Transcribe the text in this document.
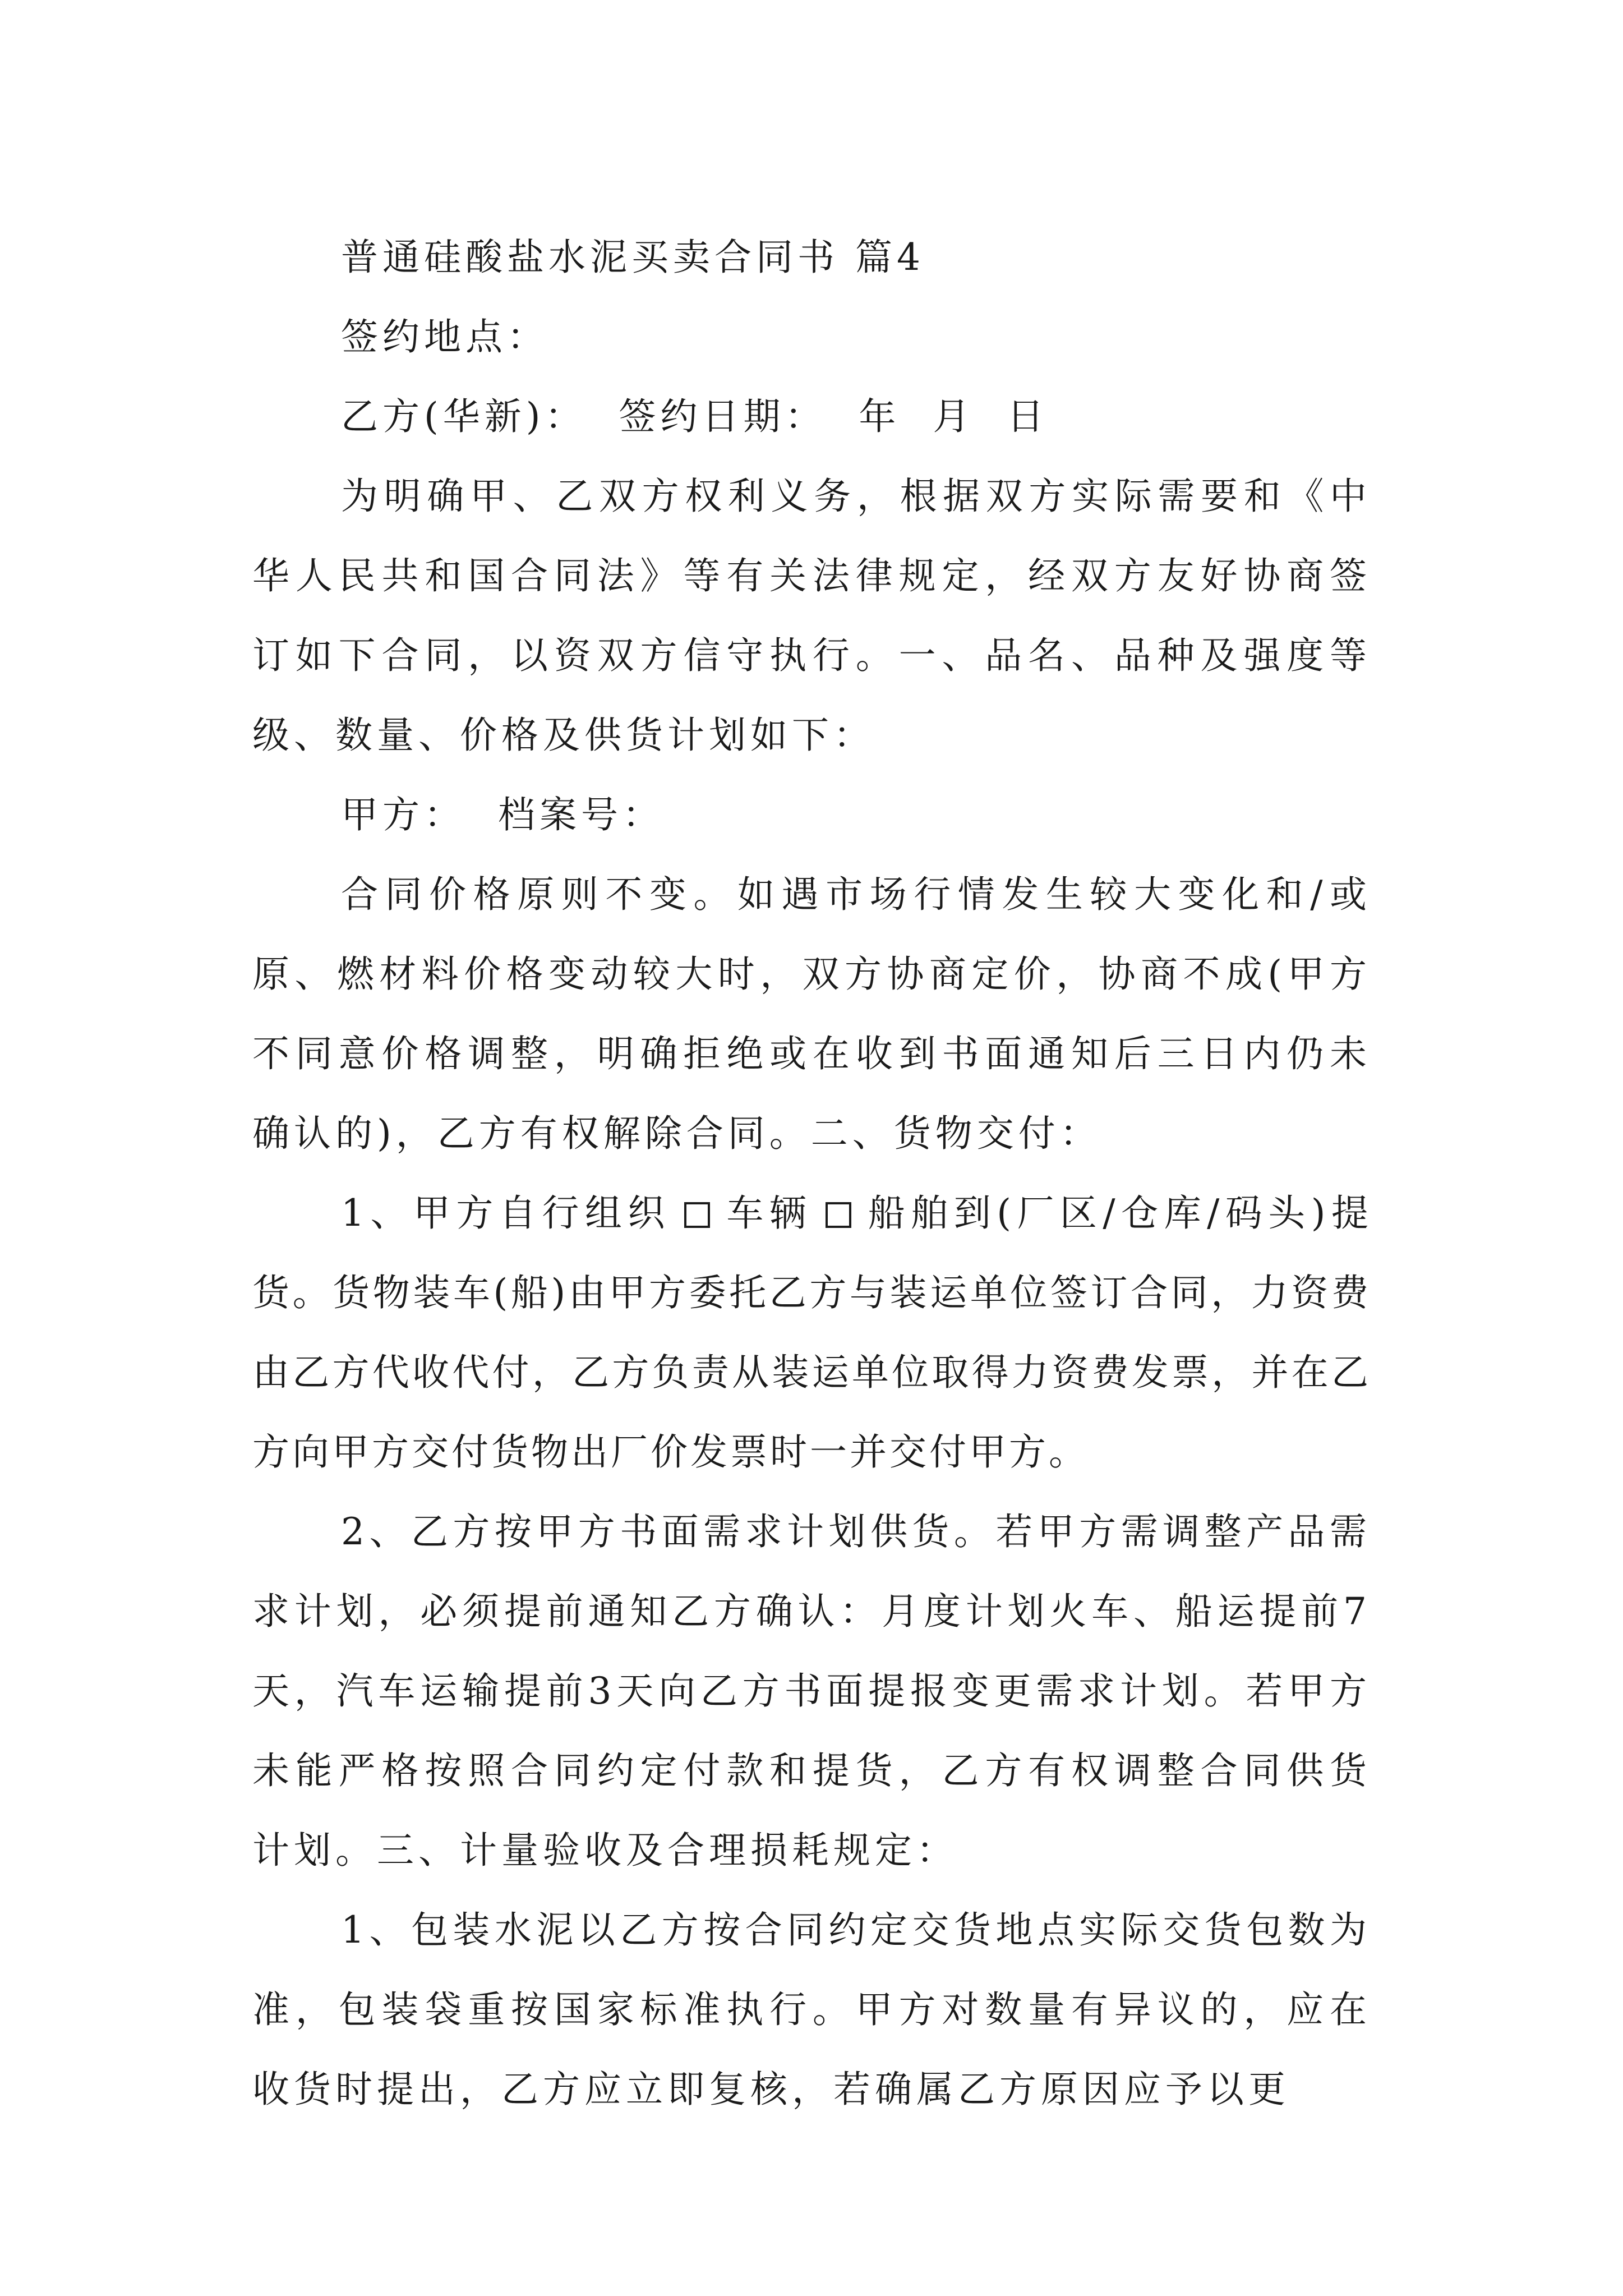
普通硅酸盐水泥买卖合同书 篇4

签约地点：

乙方(华新)：  签约日期：  年  月  日

为明确甲、乙双方权利义务，根据双方实际需要和《中华人民共和国合同法》等有关法律规定，经双方友好协商签订如下合同，以资双方信守执行。一、品名、品种及强度等级、数量、价格及供货计划如下：

甲方：  档案号：

合同价格原则不变。如遇市场行情发生较大变化和/或原、燃材料价格变动较大时，双方协商定价，协商不成(甲方不同意价格调整，明确拒绝或在收到书面通知后三日内仍未确认的)，乙方有权解除合同。二、货物交付：

1、甲方自行组织 车辆 船舶到(厂区/仓库/码头)提货。货物装车(船)由甲方委托乙方与装运单位签订合同，力资费由乙方代收代付，乙方负责从装运单位取得力资费发票，并在乙方向甲方交付货物出厂价发票时一并交付甲方。

2、乙方按甲方书面需求计划供货。若甲方需调整产品需求计划，必须提前通知乙方确认：月度计划火车、船运提前7天，汽车运输提前3天向乙方书面提报变更需求计划。若甲方未能严格按照合同约定付款和提货，乙方有权调整合同供货计划。三、计量验收及合理损耗规定：

1、包装水泥以乙方按合同约定交货地点实际交货包数为准，包装袋重按国家标准执行。甲方对数量有异议的，应在收货时提出，乙方应立即复核，若确属乙方原因应予以更
